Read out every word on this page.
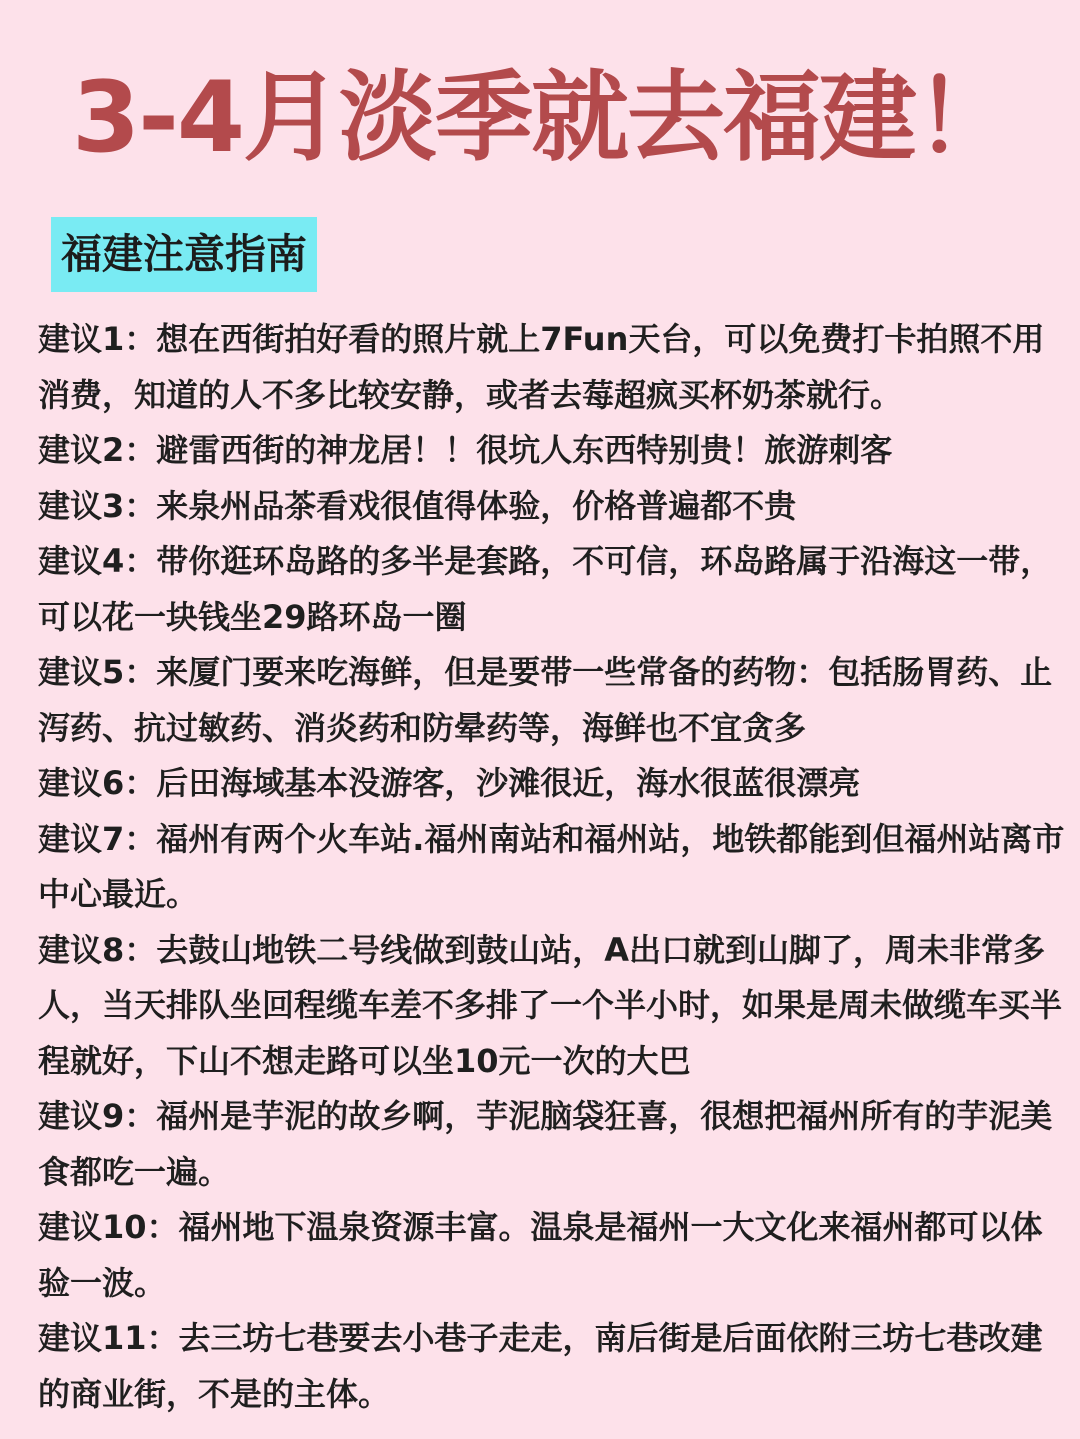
3-4月淡季就去福建！
福建注意指南
建议1：想在西街拍好看的照片就上7Fun天台，可以免费打卡拍照不用消费，知道的人不多比较安静，或者去莓超疯买杯奶茶就行。
建议2：避雷西街的神龙居！！很坑人东西特别贵！旅游刺客
建议3：来泉州品茶看戏很值得体验，价格普遍都不贵
建议4：带你逛环岛路的多半是套路，不可信，环岛路属于沿海这一带，可以花一块钱坐29路环岛一圈
建议5：来厦门要来吃海鲜，但是要带一些常备的药物：包括肠胃药、止泻药、抗过敏药、消炎药和防晕药等，海鲜也不宜贪多
建议6：后田海域基本没游客，沙滩很近，海水很蓝很漂亮
建议7：福州有两个火车站.福州南站和福州站，地铁都能到但福州站离市中心最近。
建议8：去鼓山地铁二号线做到鼓山站，A出口就到山脚了，周未非常多人，当天排队坐回程缆车差不多排了一个半小时，如果是周未做缆车买半程就好，下山不想走路可以坐10元一次的大巴
建议9：福州是芋泥的故乡啊，芋泥脑袋狂喜，很想把福州所有的芋泥美食都吃一遍。
建议10：福州地下温泉资源丰富。温泉是福州一大文化来福州都可以体验一波。
建议11：去三坊七巷要去小巷子走走，南后街是后面依附三坊七巷改建的商业街，不是的主体。
